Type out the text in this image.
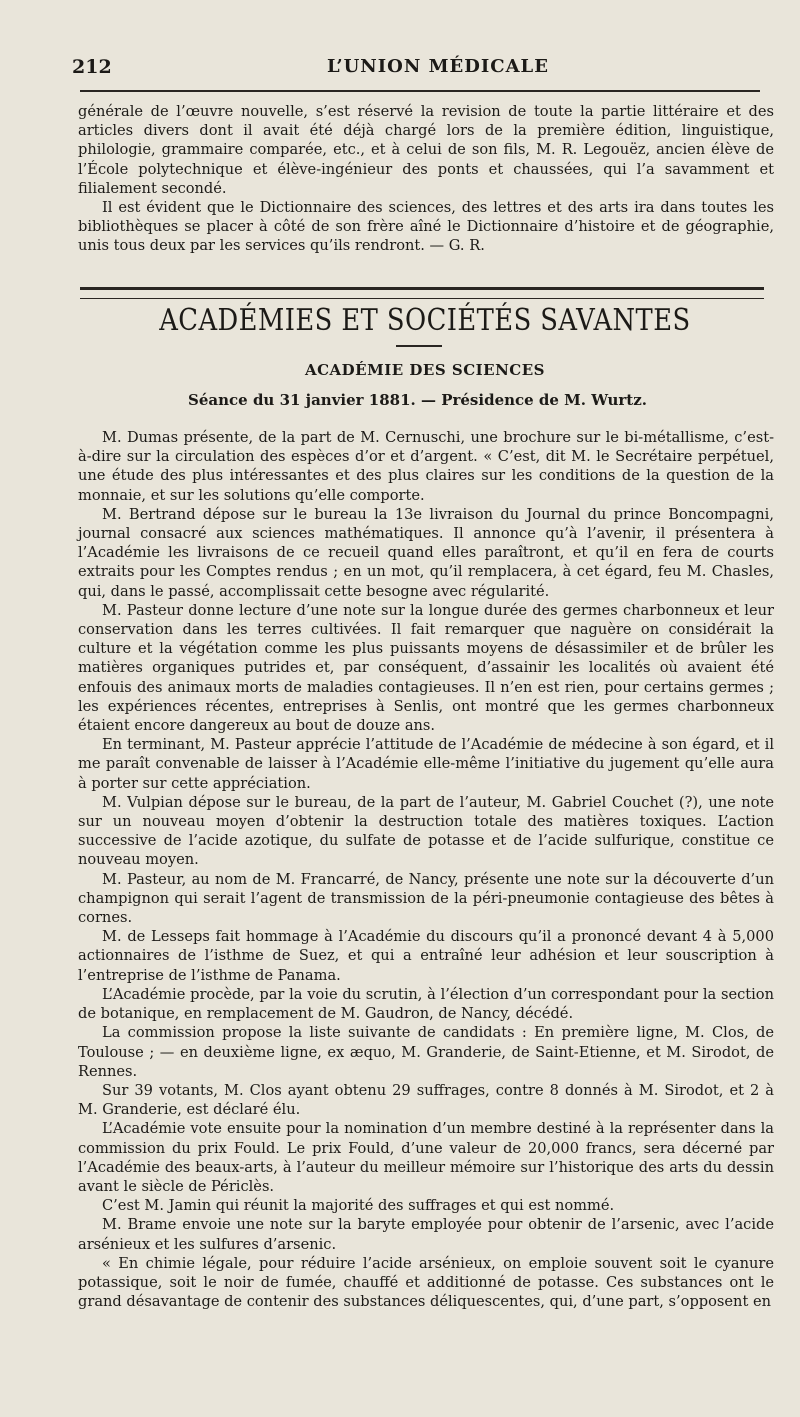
212	L’UNION MÉDICALE

générale de l’œuvre nouvelle, s’est réservé la revision de toute la partie littéraire et des articles divers dont il avait été déjà chargé lors de la première édition, linguistique, philologie, grammaire comparée, etc., et à celui de son fils, M. R. Legouëz, ancien élève de l’École polytechnique et élève-ingénieur des ponts et chaussées, qui l’a savamment et filialement secondé.

Il est évident que le Dictionnaire des sciences, des lettres et des arts ira dans toutes les bibliothèques se placer à côté de son frère aîné le Dictionnaire d’histoire et de géographie, unis tous deux par les services qu’ils rendront. — G. R.

ACADÉMIES ET SOCIÉTÉS SAVANTES
ACADÉMIE DES SCIENCES
Séance du 31 janvier 1881. — Présidence de M. Wurtz.

M. Dumas présente, de la part de M. Cernuschi, une brochure sur le bi-métallisme, c’est-à-dire sur la circulation des espèces d’or et d’argent. « C’est, dit M. le Secrétaire perpétuel, une étude des plus intéressantes et des plus claires sur les conditions de la question de la monnaie, et sur les solutions qu’elle comporte.

M. Bertrand dépose sur le bureau la 13e livraison du Journal du prince Boncompagni, journal consacré aux sciences mathématiques. Il annonce qu’à l’avenir, il présentera à l’Académie les livraisons de ce recueil quand elles paraîtront, et qu’il en fera de courts extraits pour les Comptes rendus ; en un mot, qu’il remplacera, à cet égard, feu M. Chasles, qui, dans le passé, accomplissait cette besogne avec régularité.

M. Pasteur donne lecture d’une note sur la longue durée des germes charbonneux et leur conservation dans les terres cultivées. Il fait remarquer que naguère on considérait la culture et la végétation comme les plus puissants moyens de désassimiler et de brûler les matières organiques putrides et, par conséquent, d’assainir les localités où avaient été enfouis des animaux morts de maladies contagieuses. Il n’en est rien, pour certains germes ; les expériences récentes, entreprises à Senlis, ont montré que les germes charbonneux étaient encore dangereux au bout de douze ans.

En terminant, M. Pasteur apprécie l’attitude de l’Académie de médecine à son égard, et il me paraît convenable de laisser à l’Académie elle-même l’initiative du jugement qu’elle aura à porter sur cette appréciation.

M. Vulpian dépose sur le bureau, de la part de l’auteur, M. Gabriel Couchet (?), une note sur un nouveau moyen d’obtenir la destruction totale des matières toxiques. L’action successive de l’acide azotique, du sulfate de potasse et de l’acide sulfurique, constitue ce nouveau moyen.

M. Pasteur, au nom de M. Francarré, de Nancy, présente une note sur la découverte d’un champignon qui serait l’agent de transmission de la péri-pneumonie contagieuse des bêtes à cornes.

M. de Lesseps fait hommage à l’Académie du discours qu’il a prononcé devant 4 à 5,000 actionnaires de l’isthme de Suez, et qui a entraîné leur adhésion et leur souscription à l’entreprise de l’isthme de Panama.

L’Académie procède, par la voie du scrutin, à l’élection d’un correspondant pour la section de botanique, en remplacement de M. Gaudron, de Nancy, décédé.

La commission propose la liste suivante de candidats : En première ligne, M. Clos, de Toulouse ; — en deuxième ligne, ex æquo, M. Granderie, de Saint-Etienne, et M. Sirodot, de Rennes.

Sur 39 votants, M. Clos ayant obtenu 29 suffrages, contre 8 donnés à M. Sirodot, et 2 à M. Granderie, est déclaré élu.

L’Académie vote ensuite pour la nomination d’un membre destiné à la représenter dans la commission du prix Fould. Le prix Fould, d’une valeur de 20,000 francs, sera décerné par l’Académie des beaux-arts, à l’auteur du meilleur mémoire sur l’historique des arts du dessin avant le siècle de Périclès.

C’est M. Jamin qui réunit la majorité des suffrages et qui est nommé.

M. Brame envoie une note sur la baryte employée pour obtenir de l’arsenic, avec l’acide arsénieux et les sulfures d’arsenic.

« En chimie légale, pour réduire l’acide arsénieux, on emploie souvent soit le cyanure potassique, soit le noir de fumée, chauffé et additionné de potasse. Ces substances ont le grand désavantage de contenir des substances déliquescentes, qui, d’une part, s’opposent en
